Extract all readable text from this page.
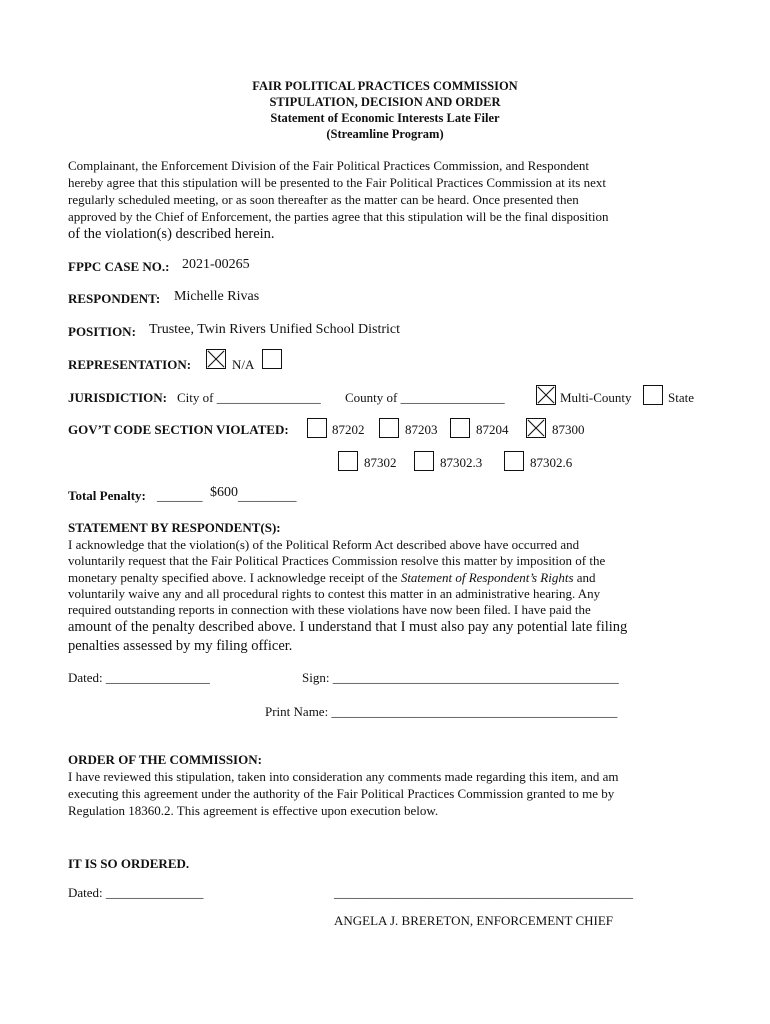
FAIR POLITICAL PRACTICES COMMISSION
STIPULATION, DECISION AND ORDER
Statement of Economic Interests Late Filer
(Streamline Program)
Complainant, the Enforcement Division of the Fair Political Practices Commission, and Respondent
hereby agree that this stipulation will be presented to the Fair Political Practices Commission at its next
regularly scheduled meeting, or as soon thereafter as the matter can be heard. Once presented then
approved by the Chief of Enforcement, the parties agree that this stipulation will be the final disposition
of the violation(s) described herein.
FPPC CASE NO.: 2021-00265
RESPONDENT: Michelle Rivas
POSITION: Trustee, Twin Rivers Unified School District
REPRESENTATION:	N/A
JURISDICTION: City of ________________ County of ________________	Multi-County	State
GOV’T CODE SECTION VIOLATED:	87202	87203	87204	87300
87302	87302.3	87302.6
Total Penalty: _______ $600 _________
STATEMENT BY RESPONDENT(S):
I acknowledge that the violation(s) of the Political Reform Act described above have occurred and
voluntarily request that the Fair Political Practices Commission resolve this matter by imposition of the
monetary penalty specified above. I acknowledge receipt of the Statement of Respondent’s Rights and
voluntarily waive any and all procedural rights to contest this matter in an administrative hearing. Any
required outstanding reports in connection with these violations have now been filed. I have paid the
amount of the penalty described above. I understand that I must also pay any potential late filing
penalties assessed by my filing officer.
Dated: ________________	Sign: ____________________________________________
Print Name: ____________________________________________
ORDER OF THE COMMISSION:
I have reviewed this stipulation, taken into consideration any comments made regarding this item, and am
executing this agreement under the authority of the Fair Political Practices Commission granted to me by
Regulation 18360.2. This agreement is effective upon execution below.
IT IS SO ORDERED.
Dated: _______________	______________________________________________
ANGELA J. BRERETON, ENFORCEMENT CHIEF
